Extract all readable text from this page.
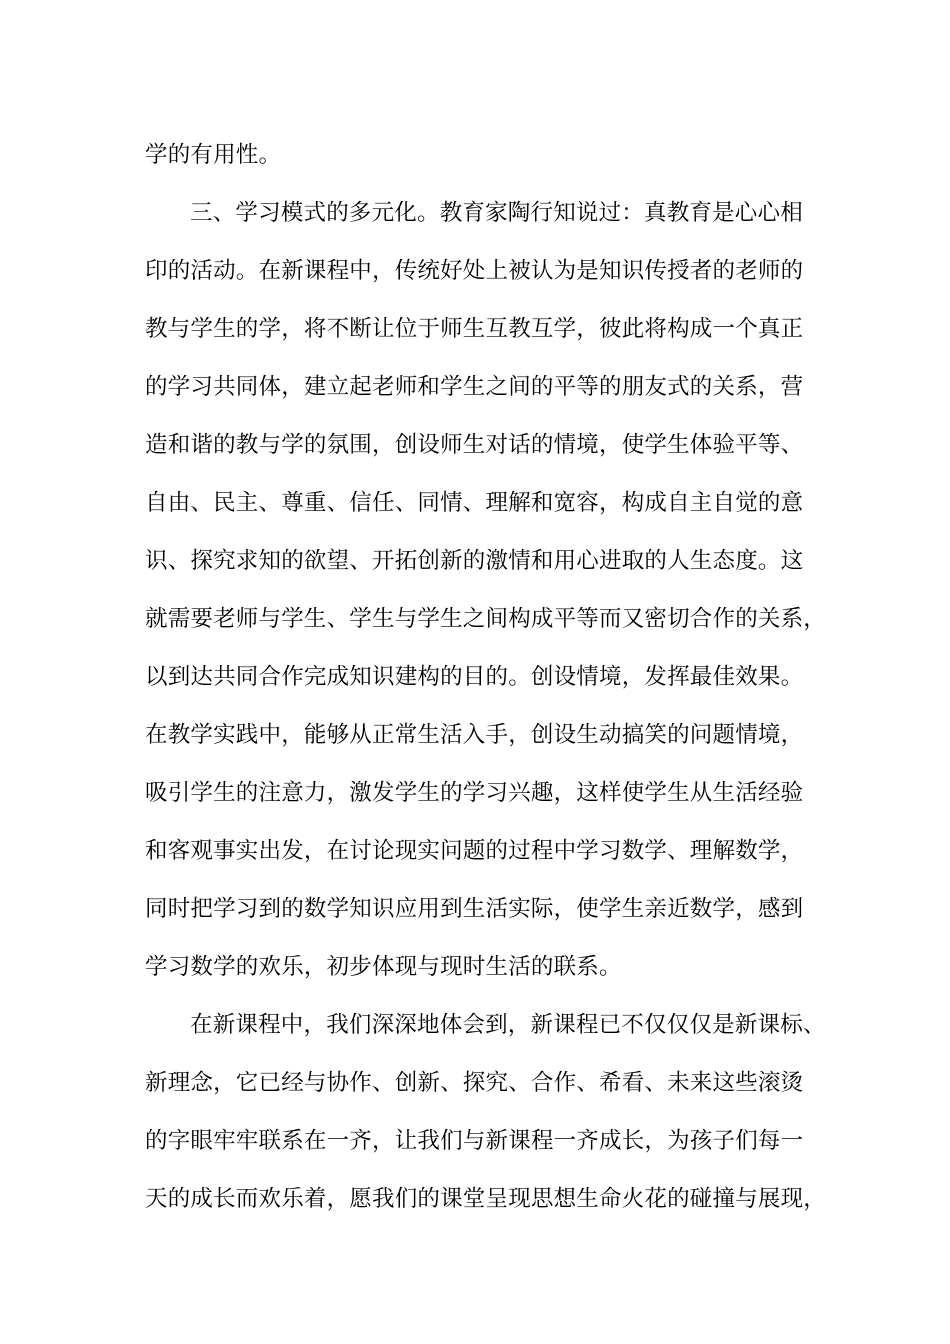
学的有用性。
三、学习模式的多元化。教育家陶行知说过：真教育是心心相
印的活动。在新课程中，传统好处上被认为是知识传授者的老师的
教与学生的学，将不断让位于师生互教互学，彼此将构成一个真正
的学习共同体，建立起老师和学生之间的平等的朋友式的关系，营
造和谐的教与学的氛围，创设师生对话的情境，使学生体验平等、
自由、民主、尊重、信任、同情、理解和宽容，构成自主自觉的意
识、探究求知的欲望、开拓创新的激情和用心进取的人生态度。这
就需要老师与学生、学生与学生之间构成平等而又密切合作的关系，
以到达共同合作完成知识建构的目的。创设情境，发挥最佳效果。
在教学实践中，能够从正常生活入手，创设生动搞笑的问题情境，
吸引学生的注意力，激发学生的学习兴趣，这样使学生从生活经验
和客观事实出发，在讨论现实问题的过程中学习数学、理解数学，
同时把学习到的数学知识应用到生活实际，使学生亲近数学，感到
学习数学的欢乐，初步体现与现时生活的联系。
在新课程中，我们深深地体会到，新课程已不仅仅仅是新课标、
新理念，它已经与协作、创新、探究、合作、希看、未来这些滚烫
的字眼牢牢联系在一齐，让我们与新课程一齐成长，为孩子们每一
天的成长而欢乐着，愿我们的课堂呈现思想生命火花的碰撞与展现，
